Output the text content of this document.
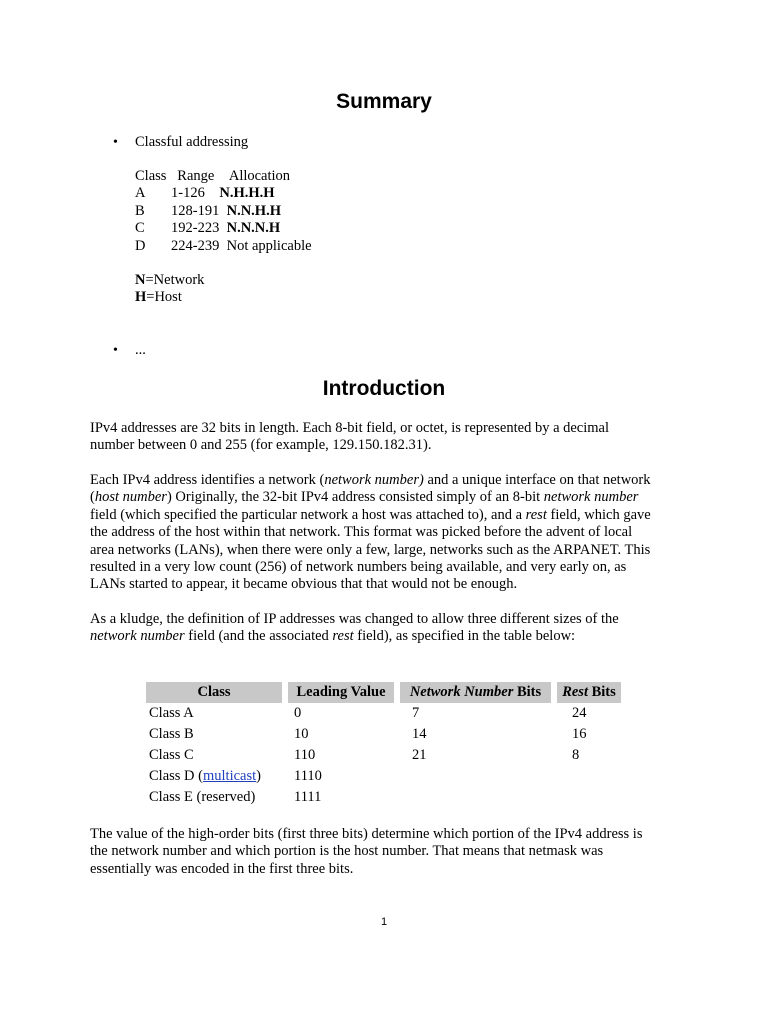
Summary
• Classful addressing
Class Range Allocation
A 1-126 N.H.H.H
B 128-191 N.N.H.H
C 192-223 N.N.N.H
D 224-239 Not applicable
N=Network
H=Host
• ...
Introduction
IPv4 addresses are 32 bits in length. Each 8-bit field, or octet, is represented by a decimal
number between 0 and 255 (for example, 129.150.182.31).
Each IPv4 address identifies a network (network number) and a unique interface on that network
(host number) Originally, the 32-bit IPv4 address consisted simply of an 8-bit network number
field (which specified the particular network a host was attached to), and a rest field, which gave
the address of the host within that network. This format was picked before the advent of local
area networks (LANs), when there were only a few, large, networks such as the ARPANET. This
resulted in a very low count (256) of network numbers being available, and very early on, as
LANs started to appear, it became obvious that that would not be enough.
As a kludge, the definition of IP addresses was changed to allow three different sizes of the
network number field (and the associated rest field), as specified in the table below:
Class		Leading Value		Network Number Bits		Rest Bits
Class A		0		7		24
Class B		10		14		16
Class C		110		21		8
Class D (multicast)		1110				
Class E (reserved)		1111				
The value of the high-order bits (first three bits) determine which portion of the IPv4 address is
the network number and which portion is the host number. That means that netmask was
essentially was encoded in the first three bits.
1
